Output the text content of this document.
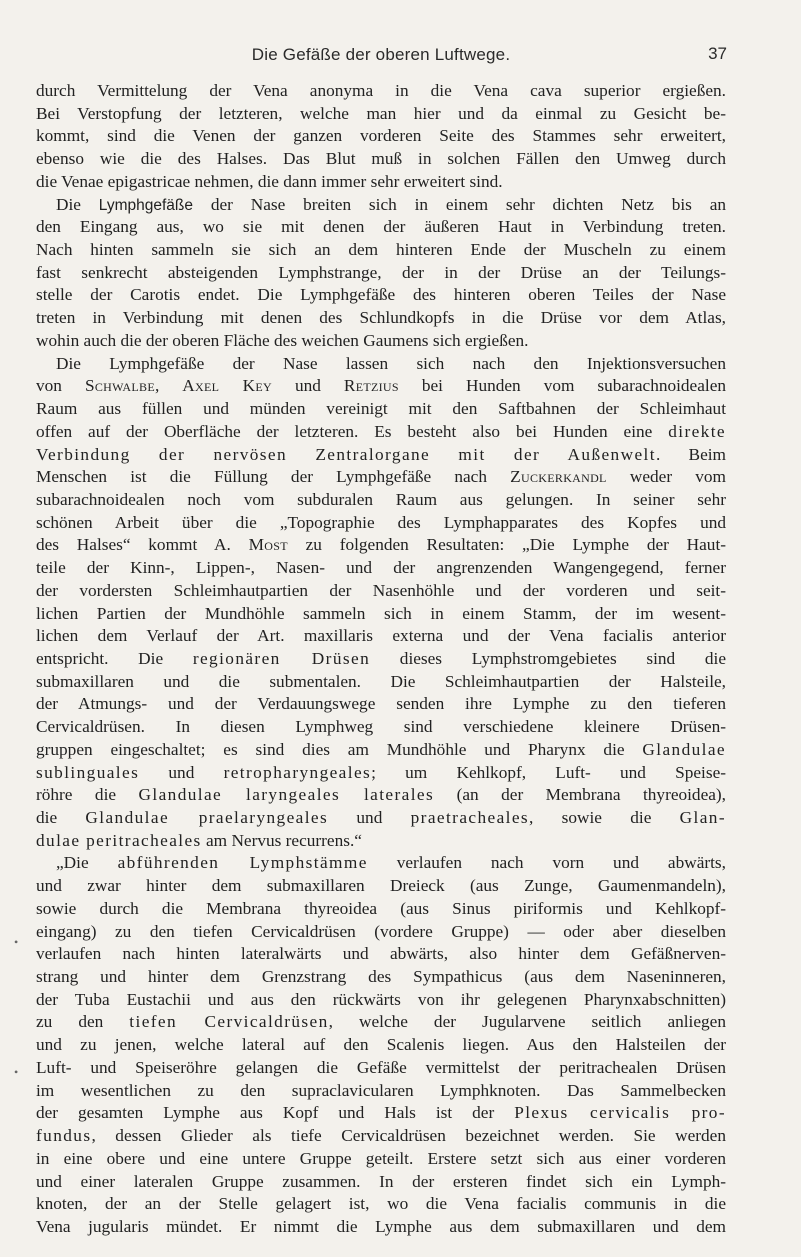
Die Gefäße der oberen Luftwege.	37
durch Vermittelung der Vena anonyma in die Vena cava superior ergießen.
Bei Verstopfung der letzteren, welche man hier und da einmal zu Gesicht be-
kommt, sind die Venen der ganzen vorderen Seite des Stammes sehr erweitert,
ebenso wie die des Halses. Das Blut muß in solchen Fällen den Umweg durch
die Venae epigastricae nehmen, die dann immer sehr erweitert sind.
Die Lymphgefäße der Nase breiten sich in einem sehr dichten Netz bis an
den Eingang aus, wo sie mit denen der äußeren Haut in Verbindung treten.
Nach hinten sammeln sie sich an dem hinteren Ende der Muscheln zu einem
fast senkrecht absteigenden Lymphstrange, der in der Drüse an der Teilungs-
stelle der Carotis endet. Die Lymphgefäße des hinteren oberen Teiles der Nase
treten in Verbindung mit denen des Schlundkopfs in die Drüse vor dem Atlas,
wohin auch die der oberen Fläche des weichen Gaumens sich ergießen.
Die Lymphgefäße der Nase lassen sich nach den Injektionsversuchen
von Schwalbe, Axel Key und Retzius bei Hunden vom subarachnoidealen
Raum aus füllen und münden vereinigt mit den Saftbahnen der Schleimhaut
offen auf der Oberfläche der letzteren. Es besteht also bei Hunden eine direkte
Verbindung der nervösen Zentralorgane mit der Außenwelt. Beim
Menschen ist die Füllung der Lymphgefäße nach Zuckerkandl weder vom
subarachnoidealen noch vom subduralen Raum aus gelungen. In seiner sehr
schönen Arbeit über die „Topographie des Lymphapparates des Kopfes und
des Halses“ kommt A. Most zu folgenden Resultaten: „Die Lymphe der Haut-
teile der Kinn-, Lippen-, Nasen- und der angrenzenden Wangengegend, ferner
der vordersten Schleimhautpartien der Nasenhöhle und der vorderen und seit-
lichen Partien der Mundhöhle sammeln sich in einem Stamm, der im wesent-
lichen dem Verlauf der Art. maxillaris externa und der Vena facialis anterior
entspricht. Die regionären Drüsen dieses Lymphstromgebietes sind die
submaxillaren und die submentalen. Die Schleimhautpartien der Halsteile,
der Atmungs- und der Verdauungswege senden ihre Lymphe zu den tieferen
Cervicaldrüsen. In diesen Lymphweg sind verschiedene kleinere Drüsen-
gruppen eingeschaltet; es sind dies am Mundhöhle und Pharynx die Glandulae
sublinguales und retropharyngeales; um Kehlkopf, Luft- und Speise-
röhre die Glandulae laryngeales laterales (an der Membrana thyreoidea),
die Glandulae praelaryngeales und praetracheales, sowie die Glan-
dulae peritracheales am Nervus recurrens.“
„Die abführenden Lymphstämme verlaufen nach vorn und abwärts,
und zwar hinter dem submaxillaren Dreieck (aus Zunge, Gaumenmandeln),
sowie durch die Membrana thyreoidea (aus Sinus piriformis und Kehlkopf-
eingang) zu den tiefen Cervicaldrüsen (vordere Gruppe) — oder aber dieselben
verlaufen nach hinten lateralwärts und abwärts, also hinter dem Gefäßnerven-
strang und hinter dem Grenzstrang des Sympathicus (aus dem Naseninneren,
der Tuba Eustachii und aus den rückwärts von ihr gelegenen Pharynxabschnitten)
zu den tiefen Cervicaldrüsen, welche der Jugularvene seitlich anliegen
und zu jenen, welche lateral auf den Scalenis liegen. Aus den Halsteilen der
Luft- und Speiseröhre gelangen die Gefäße vermittelst der peritrachealen Drüsen
im wesentlichen zu den supraclavicularen Lymphknoten. Das Sammelbecken
der gesamten Lymphe aus Kopf und Hals ist der Plexus cervicalis pro-
fundus, dessen Glieder als tiefe Cervicaldrüsen bezeichnet werden. Sie werden
in eine obere und eine untere Gruppe geteilt. Erstere setzt sich aus einer vorderen
und einer lateralen Gruppe zusammen. In der ersteren findet sich ein Lymph-
knoten, der an der Stelle gelagert ist, wo die Vena facialis communis in die
Vena jugularis mündet. Er nimmt die Lymphe aus dem submaxillaren und dem
•
•
